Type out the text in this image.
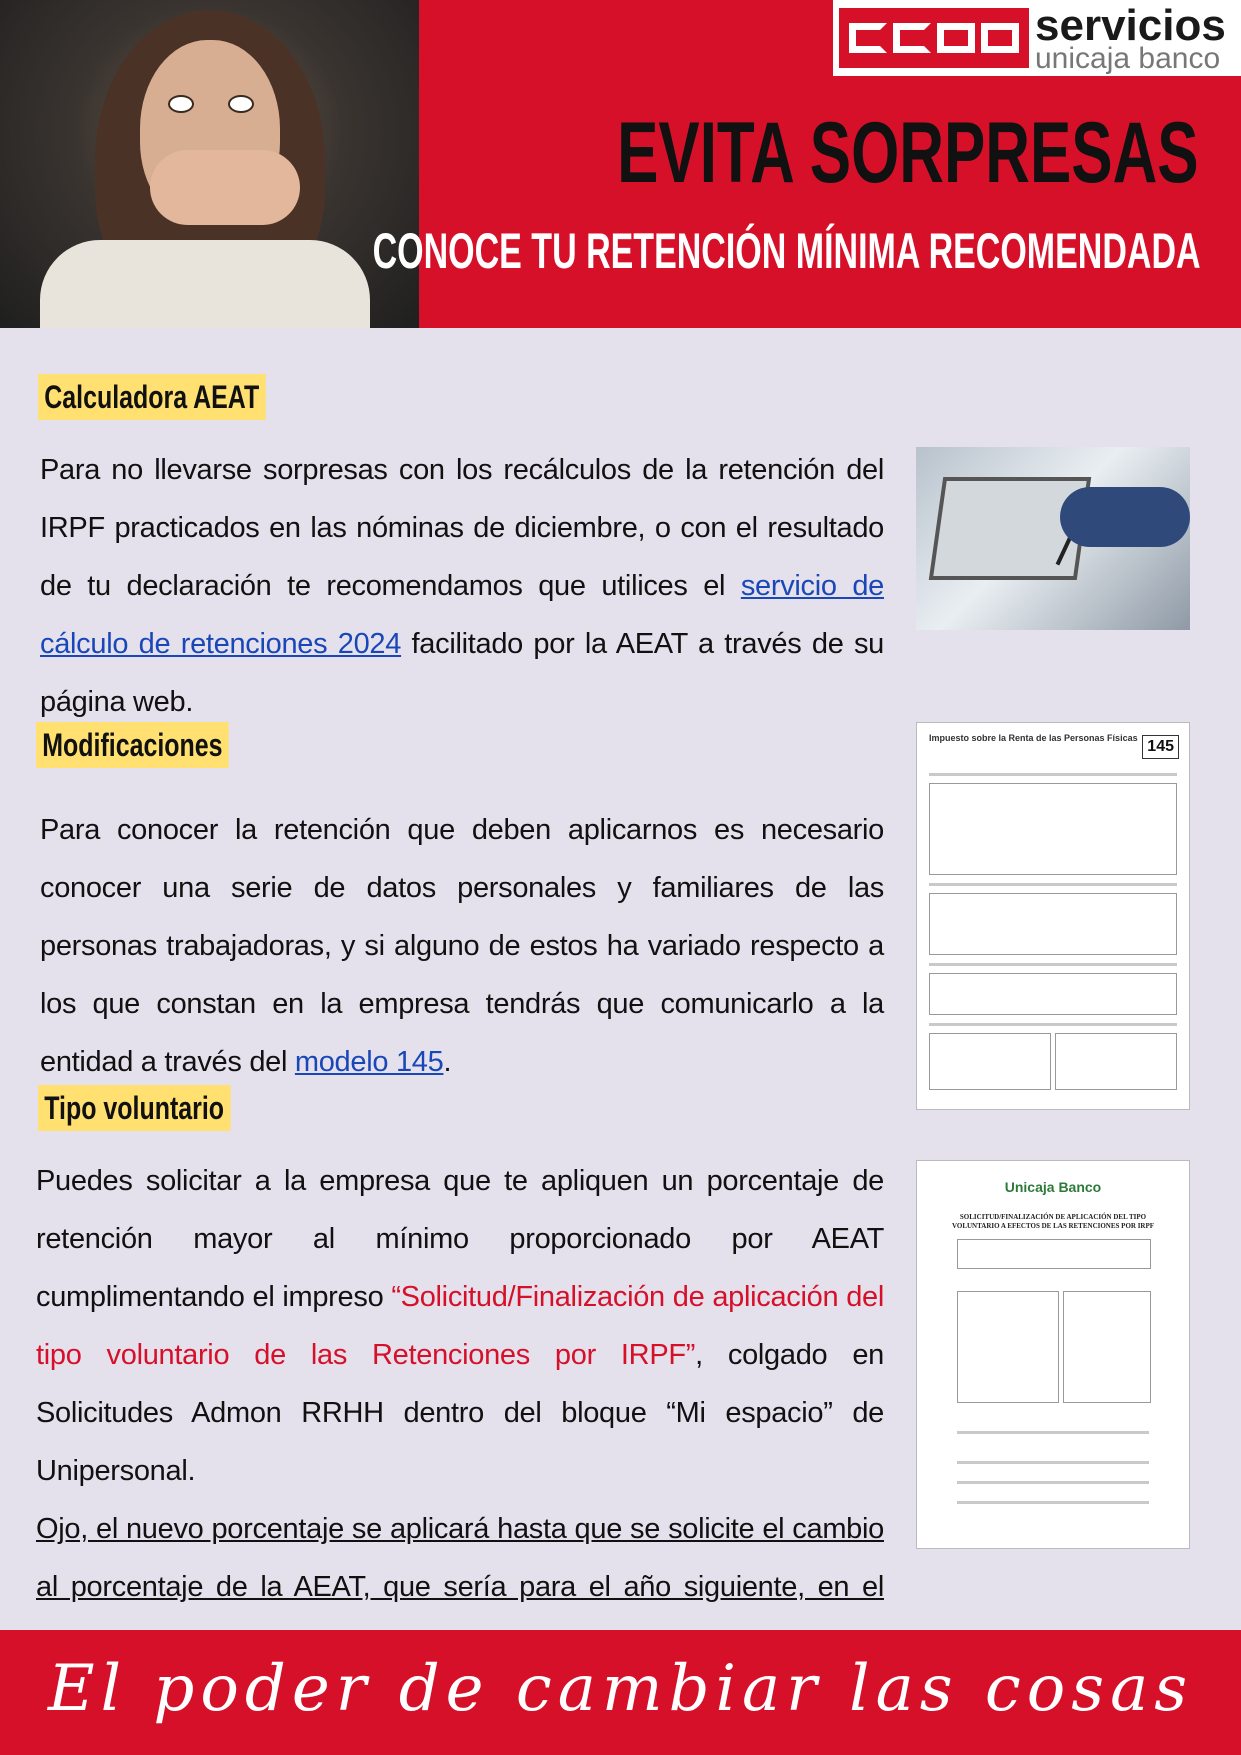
servicios
unicaja banco
EVITA SORPRESAS
CONOCE TU RETENCIÓN MÍNIMA RECOMENDADA
Calculadora AEAT
Para no llevarse sorpresas con los recálculos de la retención del IRPF practicados en las nóminas de diciembre, o con el resultado de tu declaración te recomendamos que utilices el servicio de cálculo de retenciones 2024 facilitado por la AEAT a través de su página web.
Modificaciones
Para conocer la retención que deben aplicarnos es necesario conocer una serie de datos personales y familiares de las personas trabajadoras, y si alguno de estos ha variado respecto a los que constan en la empresa tendrás que comunicarlo a la entidad a través del modelo 145.
Impuesto sobre la Renta de las Personas Físicas 145
Tipo voluntario
Puedes solicitar a la empresa que te apliquen un porcentaje de retención mayor al mínimo proporcionado por AEAT cumplimentando el impreso “Solicitud/Finalización de aplicación del tipo voluntario de las Retenciones por IRPF”, colgado en Solicitudes Admon RRHH dentro del bloque “Mi espacio” de Unipersonal.
Ojo, el nuevo porcentaje se aplicará hasta que se solicite el cambio al porcentaje de la AEAT, que sería para el año siguiente, en el
Unicaja Banco
SOLICITUD/FINALIZACIÓN DE APLICACIÓN DEL TIPO VOLUNTARIO A EFECTOS DE LAS RETENCIONES POR IRPF
El poder de cambiar las cosas
